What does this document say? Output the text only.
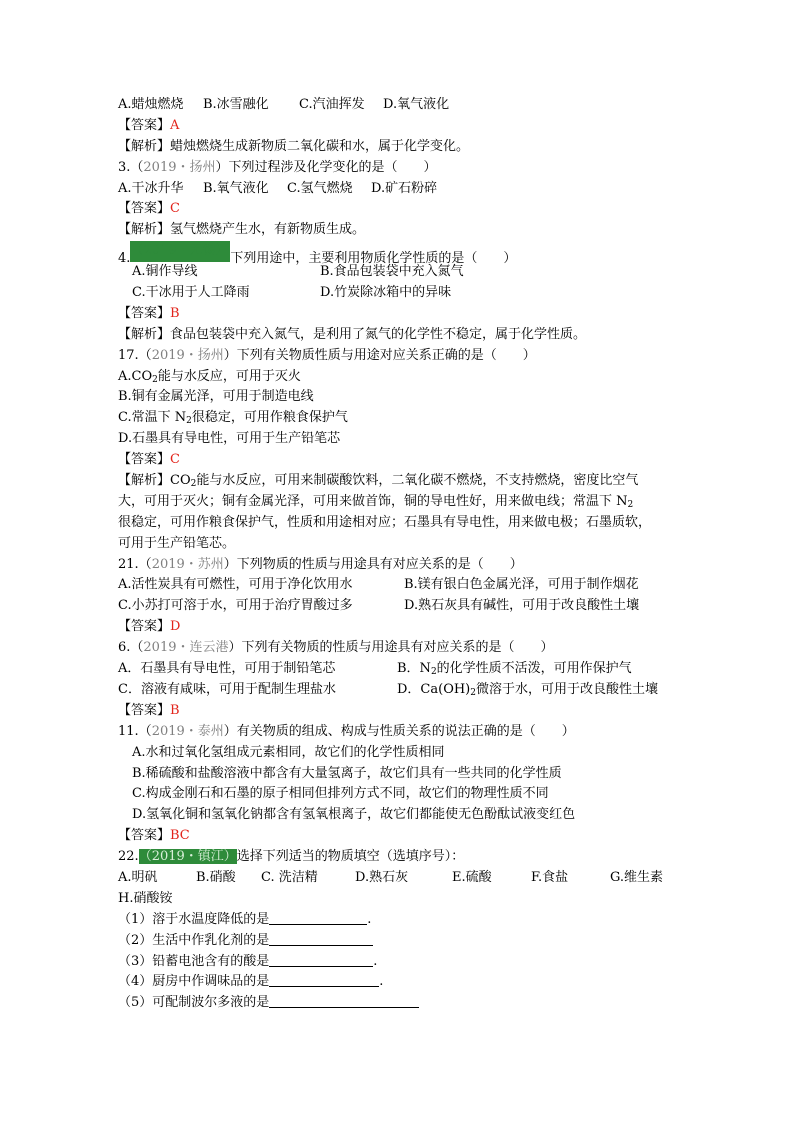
A.蜡烛燃烧 B.冰雪融化 C.汽油挥发 D.氧气液化
【答案】A
【解析】蜡烛燃烧生成新物质二氧化碳和水，属于化学变化。
3.（2019・扬州）下列过程涉及化学变化的是（　　）
A.干冰升华 B.氧气液化 C.氢气燃烧 D.矿石粉碎
【答案】C
【解析】氢气燃烧产生水，有新物质生成。
4.（2019・无锡）下列用途中，主要利用物质化学性质的是（　　）
A.铜作导线	B.食品包装袋中充入氮气
C.干冰用于人工降雨	D.竹炭除冰箱中的异味
【答案】B
【解析】食品包装袋中充入氮气，是利用了氮气的化学性不稳定，属于化学性质。
17.（2019・扬州）下列有关物质性质与用途对应关系正确的是（　　）
$A.CO_2$能与水反应，可用于灭火
B.铜有金属光泽，可用于制造电线
C.常温下 $N_2$很稳定，可用作粮食保护气
D.石墨具有导电性，可用于生产铅笔芯
【答案】C
【解析】$CO_2$能与水反应，可用来制碳酸饮料，二氧化碳不燃烧，不支持燃烧，密度比空气
大，可用于灭火；铜有金属光泽，可用来做首饰，铜的导电性好，用来做电线；常温下 $N_2$
很稳定，可用作粮食保护气，性质和用途相对应；石墨具有导电性，用来做电极；石墨质软，
可用于生产铅笔芯。
21.（2019・苏州）下列物质的性质与用途具有对应关系的是（　　）
A.活性炭具有可燃性，可用于净化饮用水	B.镁有银白色金属光泽，可用于制作烟花
C.小苏打可溶于水，可用于治疗胃酸过多	D.熟石灰具有碱性，可用于改良酸性土壤
【答案】D
6.（2019・连云港）下列有关物质的性质与用途具有对应关系的是（　　）
A．石墨具有导电性，可用于制铅笔芯	B．$N_2$的化学性质不活泼，可用作保护气
C．溶液有咸味，可用于配制生理盐水	D．$Ca(OH)_2$微溶于水，可用于改良酸性土壤
【答案】B
11.（2019・泰州）有关物质的组成、构成与性质关系的说法正确的是（　　）
A.水和过氧化氢组成元素相同，故它们的化学性质相同
B.稀硫酸和盐酸溶液中都含有大量氢离子，故它们具有一些共同的化学性质
C.构成金刚石和石墨的原子相同但排列方式不同，故它们的物理性质不同
D.氢氧化铜和氢氧化钠都含有氢氧根离子，故它们都能使无色酚酞试液变红色
【答案】BC
22.（2019・镇江）选择下列适当的物质填空（选填序号）：
A.明矾	B.硝酸 C. 洗洁精	D.熟石灰	E.硫酸	F.食盐	G.维生素
H.硝酸铵
（1）溶于水温度降低的是	.
（2）生活中作乳化剂的是
（3）铅蓄电池含有的酸是	.
（4）厨房中作调味品的是	.
（5）可配制波尔多液的是
